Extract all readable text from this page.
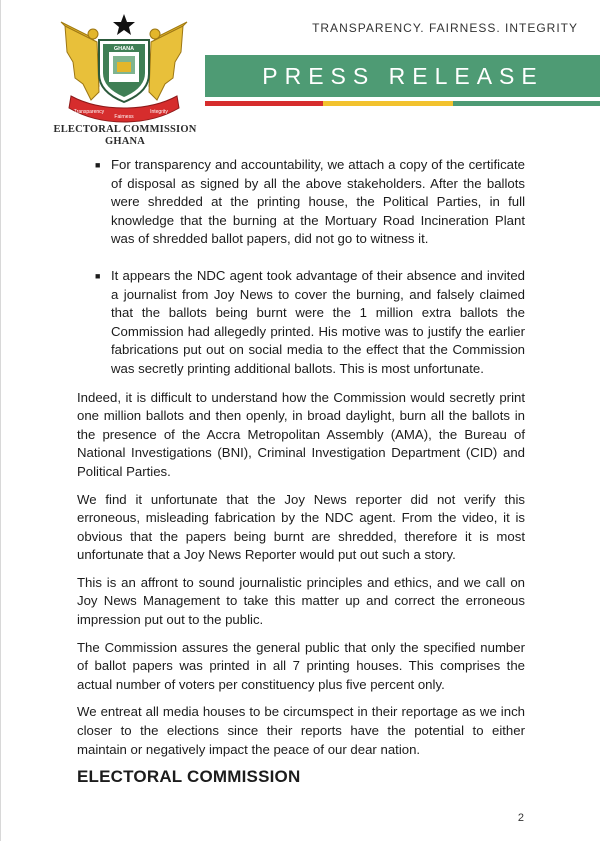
GHANA
Transparency
Fairness
Integrity
ELECTORAL COMMISSION
GHANA
TRANSPARENCY. FAIRNESS. INTEGRITY
PRESS RELEASE
■ For transparency and accountability, we attach a copy of the certificate of disposal as signed by all the above stakeholders. After the ballots were shredded at the printing house, the Political Parties, in full knowledge that the burning at the Mortuary Road Incineration Plant was of shredded ballot papers, did not go to witness it.
■ It appears the NDC agent took advantage of their absence and invited a journalist from Joy News to cover the burning, and falsely claimed that the ballots being burnt were the 1 million extra ballots the Commission had allegedly printed. His motive was to justify the earlier fabrications put out on social media to the effect that the Commission was secretly printing additional ballots. This is most unfortunate.

Indeed, it is difficult to understand how the Commission would secretly print one million ballots and then openly, in broad daylight, burn all the ballots in the presence of the Accra Metropolitan Assembly (AMA), the Bureau of National Investigations (BNI), Criminal Investigation Department (CID) and Political Parties.

We find it unfortunate that the Joy News reporter did not verify this erroneous, misleading fabrication by the NDC agent. From the video, it is obvious that the papers being burnt are shredded, therefore it is most unfortunate that a Joy News Reporter would put out such a story.

This is an affront to sound journalistic principles and ethics, and we call on Joy News Management to take this matter up and correct the erroneous impression put out to the public.

The Commission assures the general public that only the specified number of ballot papers was printed in all 7 printing houses. This comprises the actual number of voters per constituency plus five percent only.

We entreat all media houses to be circumspect in their reportage as we inch closer to the elections since their reports have the potential to either maintain or negatively impact the peace of our dear nation.

ELECTORAL COMMISSION
2
